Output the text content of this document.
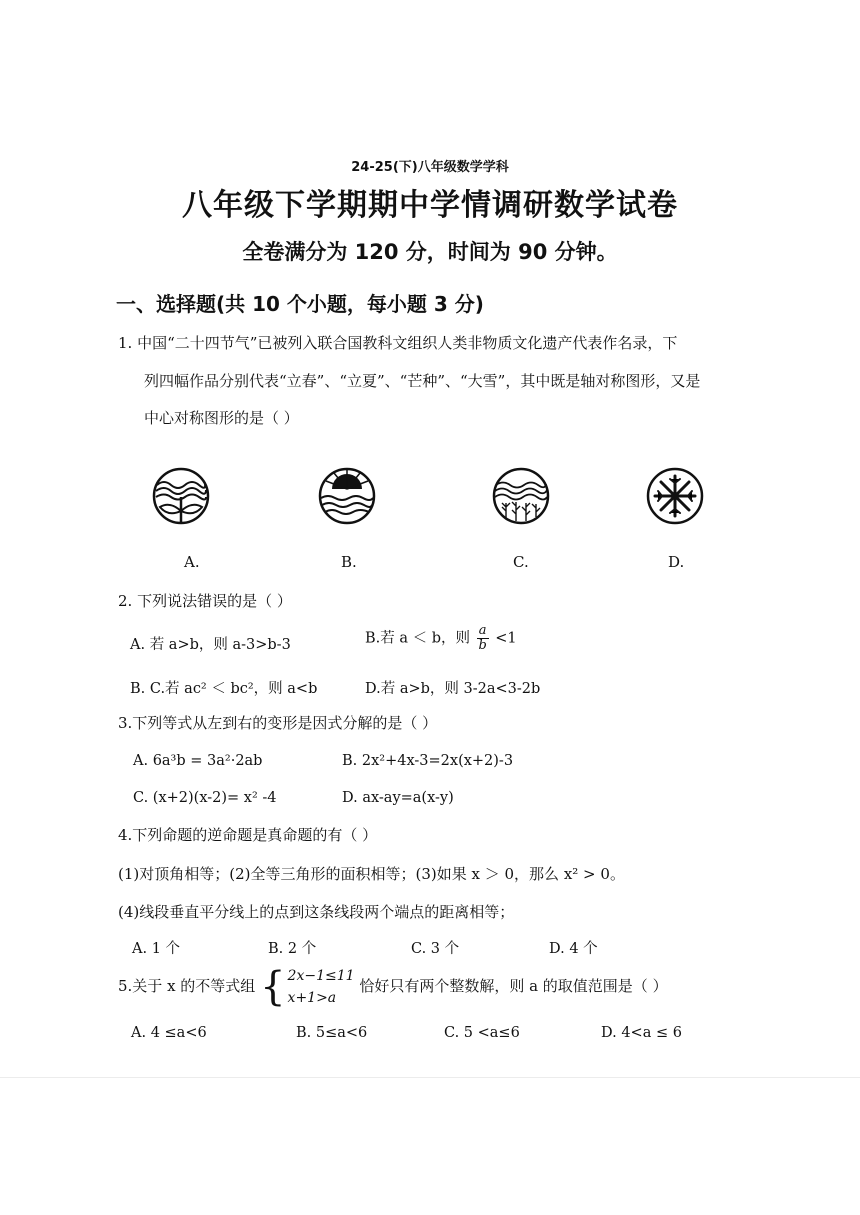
24-25(下)八年级数学学科
八年级下学期期中学情调研数学试卷
全卷满分为 120 分，时间为 90 分钟。
一、选择题(共 10 个小题，每小题 3 分)
1. 中国“二十四节气”已被列入联合国教科文组织人类非物质文化遗产代表作名录，下
列四幅作品分别代表“立春”、“立夏”、“芒种”、“大雪”，其中既是轴对称图形，又是
中心对称图形的是（ ）
A.	B.	C.	D.
2. 下列说法错误的是（ ）
A. 若 a>b，则 a-3>b-3	B.若 a ＜ b，则 $\frac{a}{b} <1$
B. C.若 ac² ＜ bc²，则 a<b	D.若 a>b，则 3-2a<3-2b
3.下列等式从左到右的变形是因式分解的是（ ）
A. 6a³b = 3a²·2ab	B. 2x²+4x-3=2x(x+2)-3
C. (x+2)(x-2)= x² -4	D. ax-ay=a(x-y)
4.下列命题的逆命题是真命题的有（ ）
(1)对顶角相等；(2)全等三角形的面积相等；(3)如果 x ＞ 0，那么 x² > 0。
(4)线段垂直平分线上的点到这条线段两个端点的距离相等；
A. 1 个	B. 2 个	C. 3 个	D. 4 个
5.关于 x 的不等式组 { 2x−1≤11
x+1>a
恰好只有两个整数解，则 a 的取值范围是（ ）
A. 4 ≤a<6	B. 5≤a<6	C. 5 <a≤6	D. 4<a ≤ 6
